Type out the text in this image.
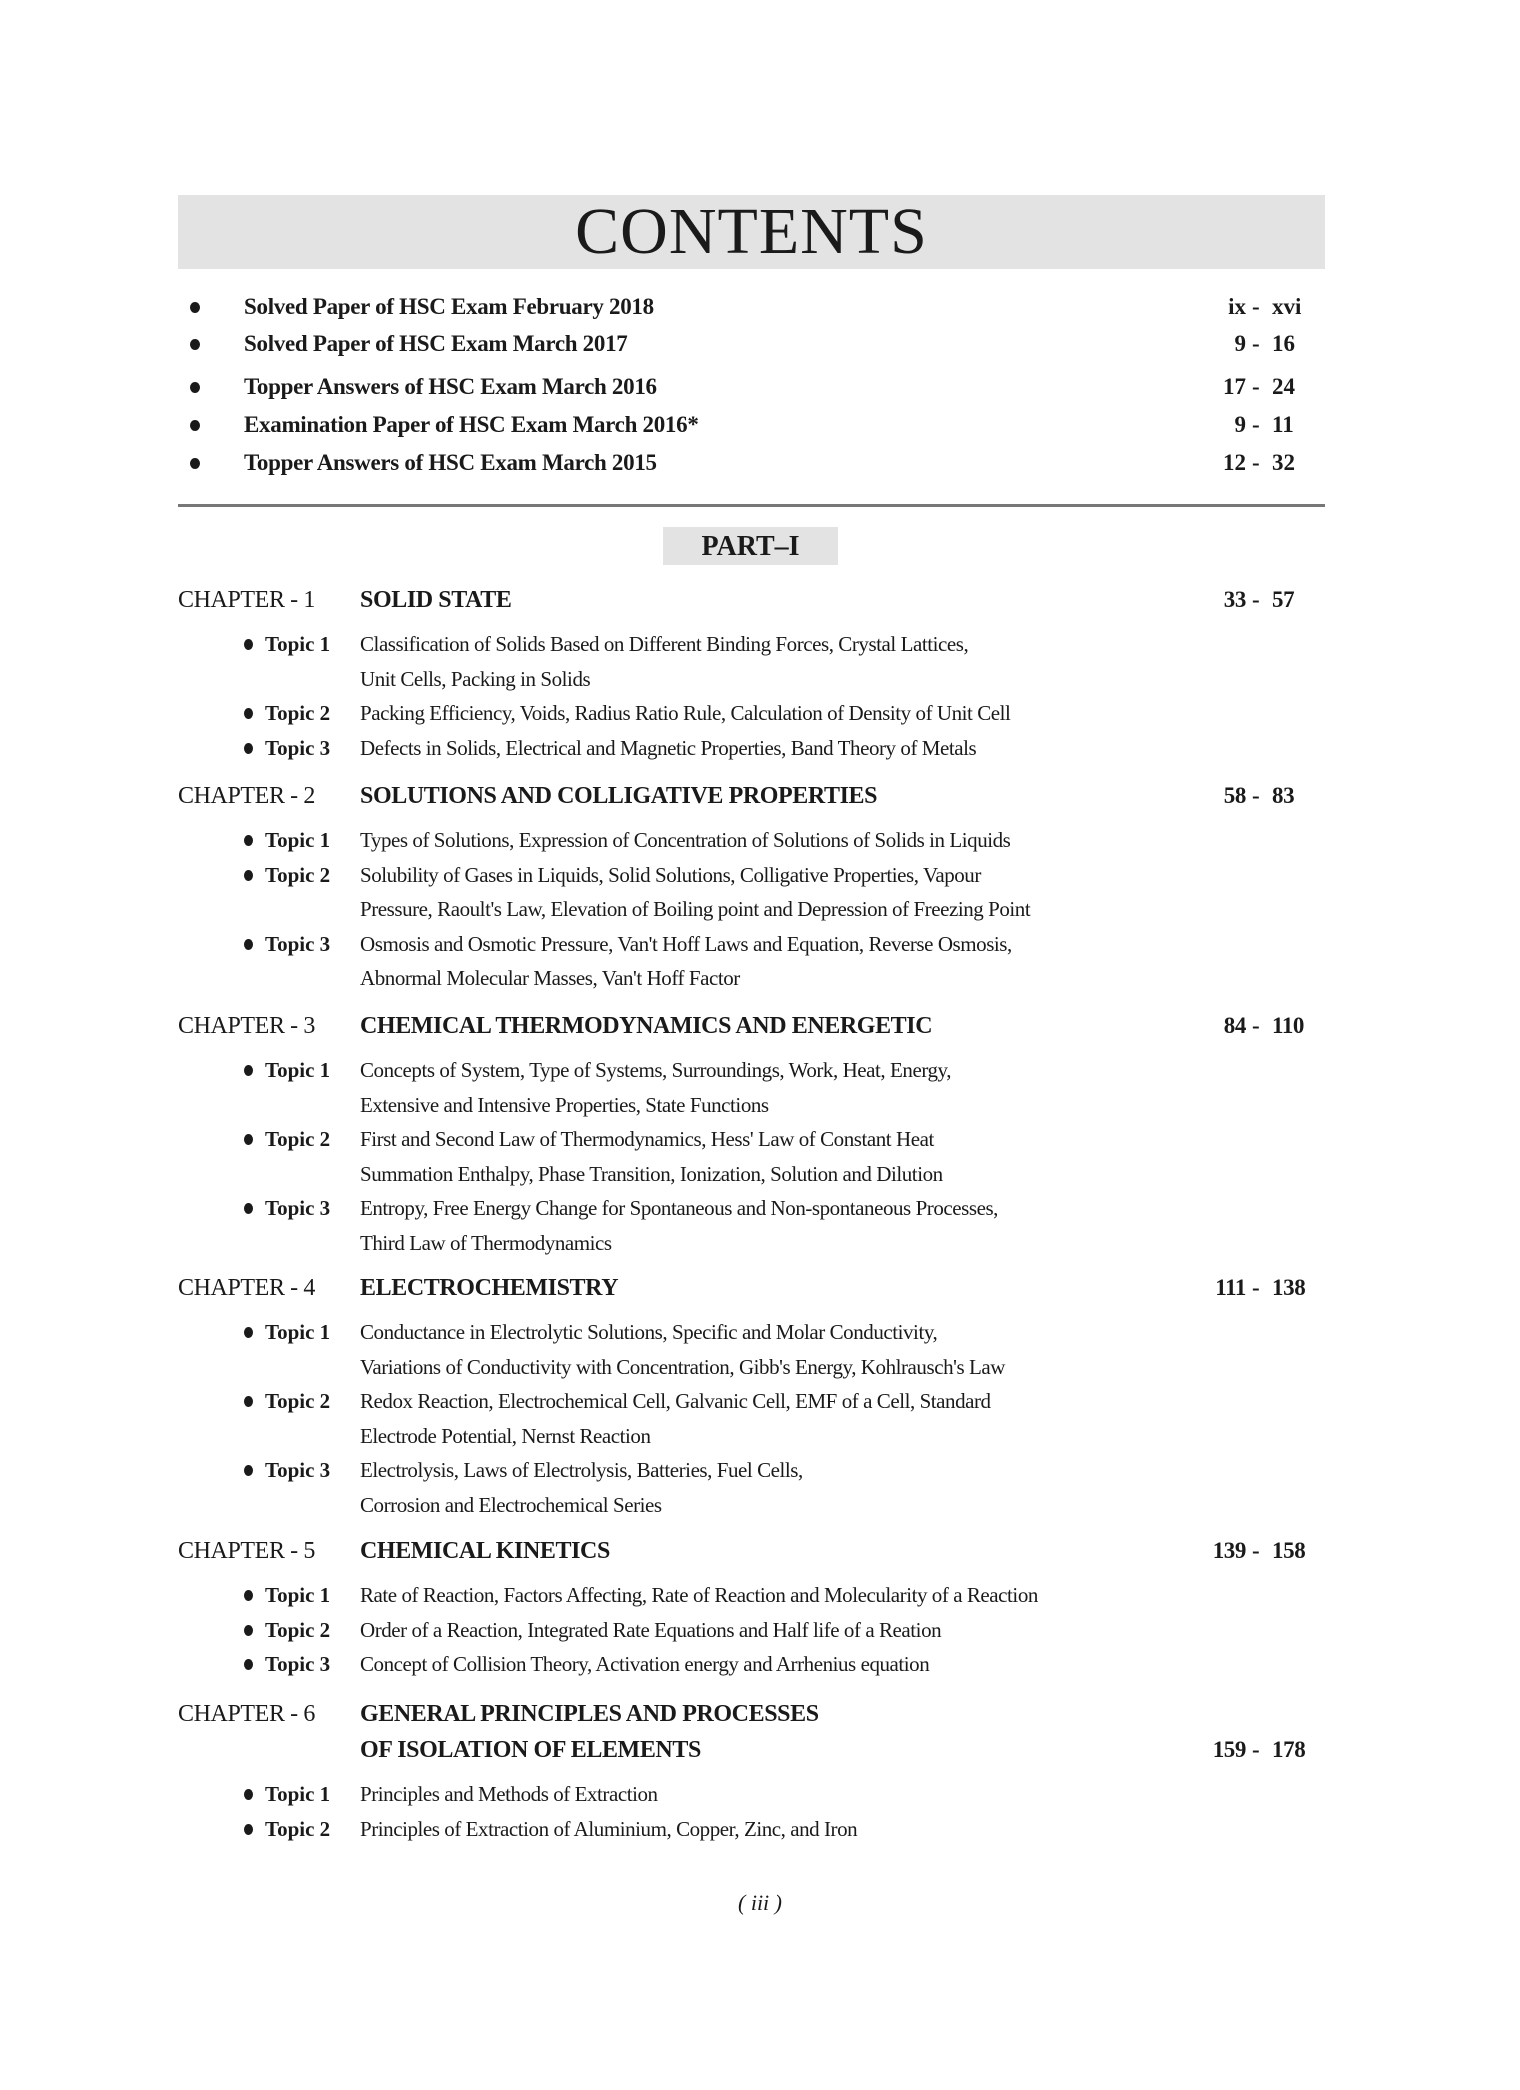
CONTENTS
Solved Paper of HSC Exam February 2018	ix - xvi
Solved Paper of HSC Exam March 2017	9 - 16
Topper Answers of HSC Exam March 2016	17 - 24
Examination Paper of HSC Exam March 2016*	9 - 11
Topper Answers of HSC Exam March 2015	12 - 32
PART–I
CHAPTER - 1 SOLID STATE	33 - 57
Topic 1 Classification of Solids Based on Different Binding Forces, Crystal Lattices,
Unit Cells, Packing in Solids
Topic 2 Packing Efficiency, Voids, Radius Ratio Rule, Calculation of Density of Unit Cell
Topic 3 Defects in Solids, Electrical and Magnetic Properties, Band Theory of Metals
CHAPTER - 2 SOLUTIONS AND COLLIGATIVE PROPERTIES	58 - 83
Topic 1 Types of Solutions, Expression of Concentration of Solutions of Solids in Liquids
Topic 2 Solubility of Gases in Liquids, Solid Solutions, Colligative Properties, Vapour
Pressure, Raoult's Law, Elevation of Boiling point and Depression of Freezing Point
Topic 3 Osmosis and Osmotic Pressure, Van't Hoff Laws and Equation, Reverse Osmosis,
Abnormal Molecular Masses, Van't Hoff Factor
CHAPTER - 3 CHEMICAL THERMODYNAMICS AND ENERGETIC	84 - 110
Topic 1 Concepts of System, Type of Systems, Surroundings, Work, Heat, Energy,
Extensive and Intensive Properties, State Functions
Topic 2 First and Second Law of Thermodynamics, Hess' Law of Constant Heat
Summation Enthalpy, Phase Transition, Ionization, Solution and Dilution
Topic 3 Entropy, Free Energy Change for Spontaneous and Non-spontaneous Processes,
Third Law of Thermodynamics
CHAPTER - 4 ELECTROCHEMISTRY	111 - 138
Topic 1 Conductance in Electrolytic Solutions, Specific and Molar Conductivity,
Variations of Conductivity with Concentration, Gibb's Energy, Kohlrausch's Law
Topic 2 Redox Reaction, Electrochemical Cell, Galvanic Cell, EMF of a Cell, Standard
Electrode Potential, Nernst Reaction
Topic 3 Electrolysis, Laws of Electrolysis, Batteries, Fuel Cells,
Corrosion and Electrochemical Series
CHAPTER - 5 CHEMICAL KINETICS	139 - 158
Topic 1 Rate of Reaction, Factors Affecting, Rate of Reaction and Molecularity of a Reaction
Topic 2 Order of a Reaction, Integrated Rate Equations and Half life of a Reation
Topic 3 Concept of Collision Theory, Activation energy and Arrhenius equation
CHAPTER - 6 GENERAL PRINCIPLES AND PROCESSES
OF ISOLATION OF ELEMENTS	159 - 178
Topic 1 Principles and Methods of Extraction
Topic 2 Principles of Extraction of Aluminium, Copper, Zinc, and Iron
( iii )
